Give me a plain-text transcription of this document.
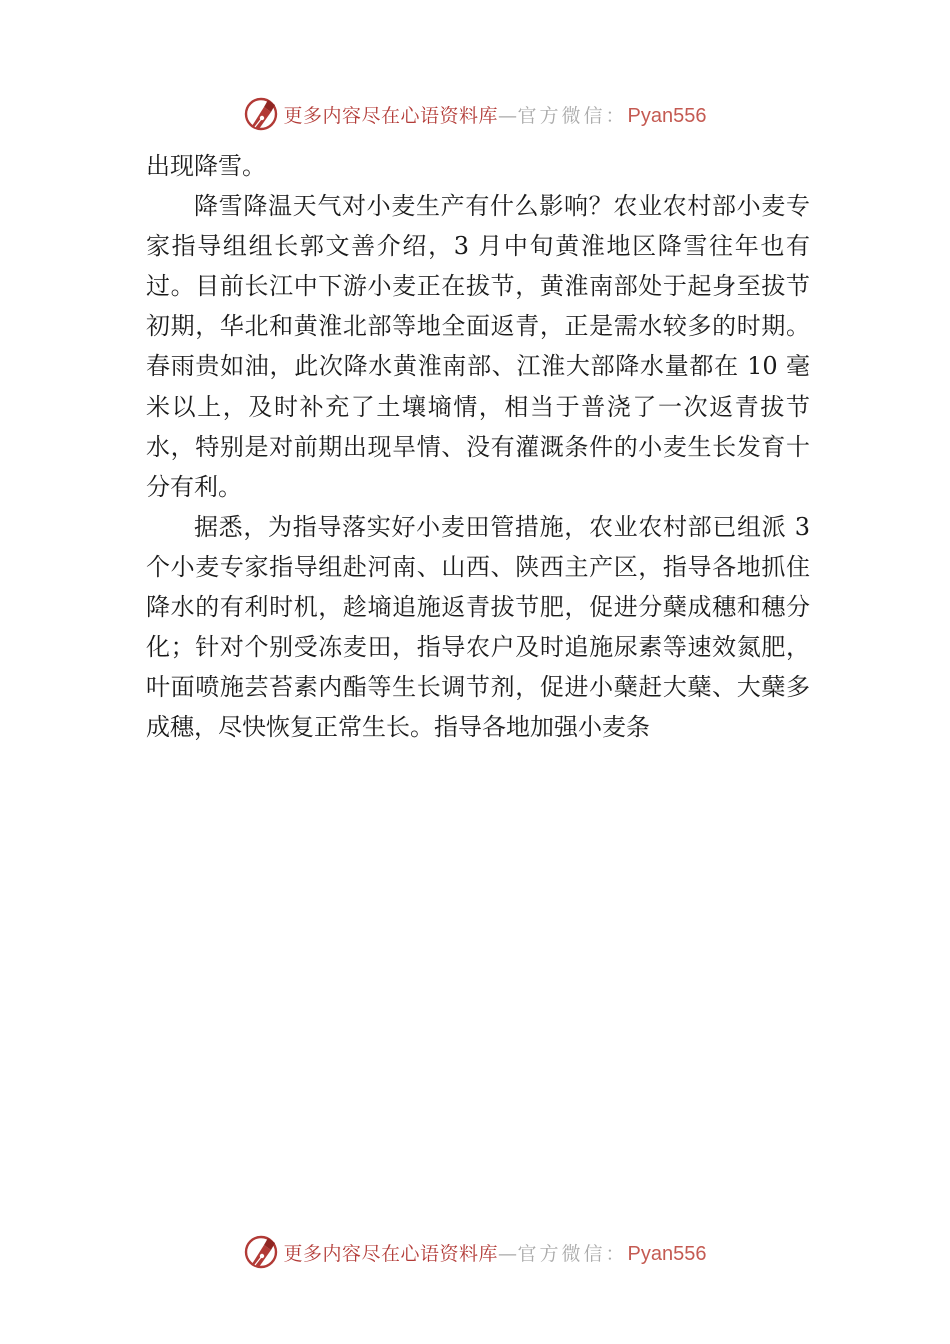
更多内容尽在心语资料库—官方微信：Pyan556

出现降雪。

降雪降温天气对小麦生产有什么影响？农业农村部小麦专家指导组组长郭文善介绍，3 月中旬黄淮地区降雪往年也有过。目前长江中下游小麦正在拔节，黄淮南部处于起身至拔节初期，华北和黄淮北部等地全面返青，正是需水较多的时期。春雨贵如油，此次降水黄淮南部、江淮大部降水量都在 10 毫米以上，及时补充了土壤墒情，相当于普浇了一次返青拔节水，特别是对前期出现旱情、没有灌溉条件的小麦生长发育十分有利。

据悉，为指导落实好小麦田管措施，农业农村部已组派 3 个小麦专家指导组赴河南、山西、陕西主产区，指导各地抓住降水的有利时机，趁墒追施返青拔节肥，促进分蘖成穗和穗分化；针对个别受冻麦田，指导农户及时追施尿素等速效氮肥，叶面喷施芸苔素内酯等生长调节剂，促进小蘖赶大蘖、大蘖多成穗，尽快恢复正常生长。指导各地加强小麦条

更多内容尽在心语资料库—官方微信：Pyan556
